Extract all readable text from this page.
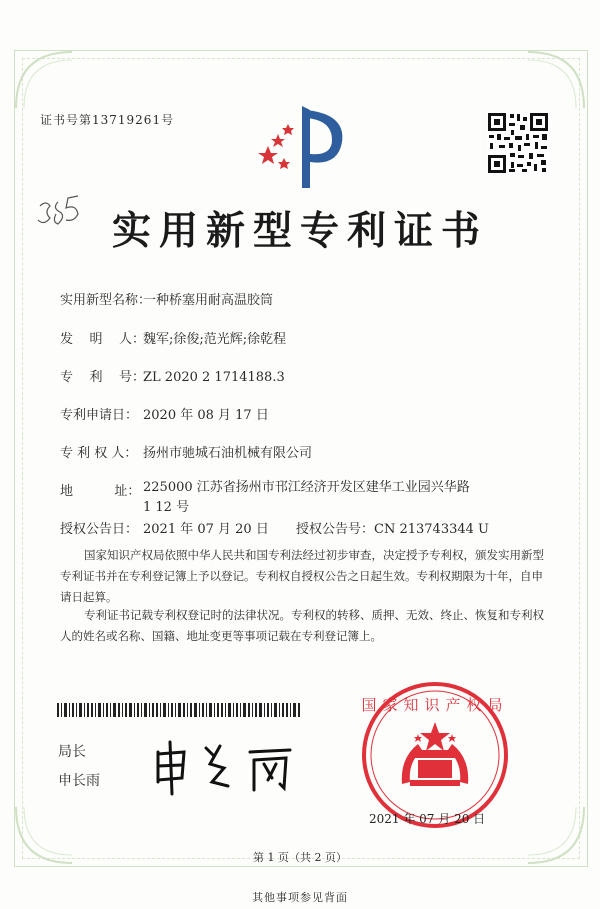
证书号第13719261号
实用新型专利证书
实用新型名称：一种桥塞用耐高温胶筒
发    明    人：魏军;徐俊;范光辉;徐乾程
专    利    号：ZL 2020 2 1714188.3
专利申请日： 2020 年 08 月 17 日
专 利 权 人： 扬州市驰城石油机械有限公司
地          址： 225000 江苏省扬州市邗江经济开发区建华工业园兴华路 1 12 号
授权公告日： 2021 年 07 月 20 日 授权公告号：CN 213743344 U
国家知识产权局依照中华人民共和国专利法经过初步审查，决定授予专利权，颁发实用新型专利证书并在专利登记簿上予以登记。专利权自授权公告之日起生效。专利权期限为十年，自申请日起算。
专利证书记载专利权登记时的法律状况。专利权的转移、质押、无效、终止、恢复和专利权人的姓名或名称、国籍、地址变更等事项记载在专利登记簿上。
局长
申长雨
国家知识产权局
2021 年 07 月 20 日
第 1 页（共 2 页）
其他事项参见背面
